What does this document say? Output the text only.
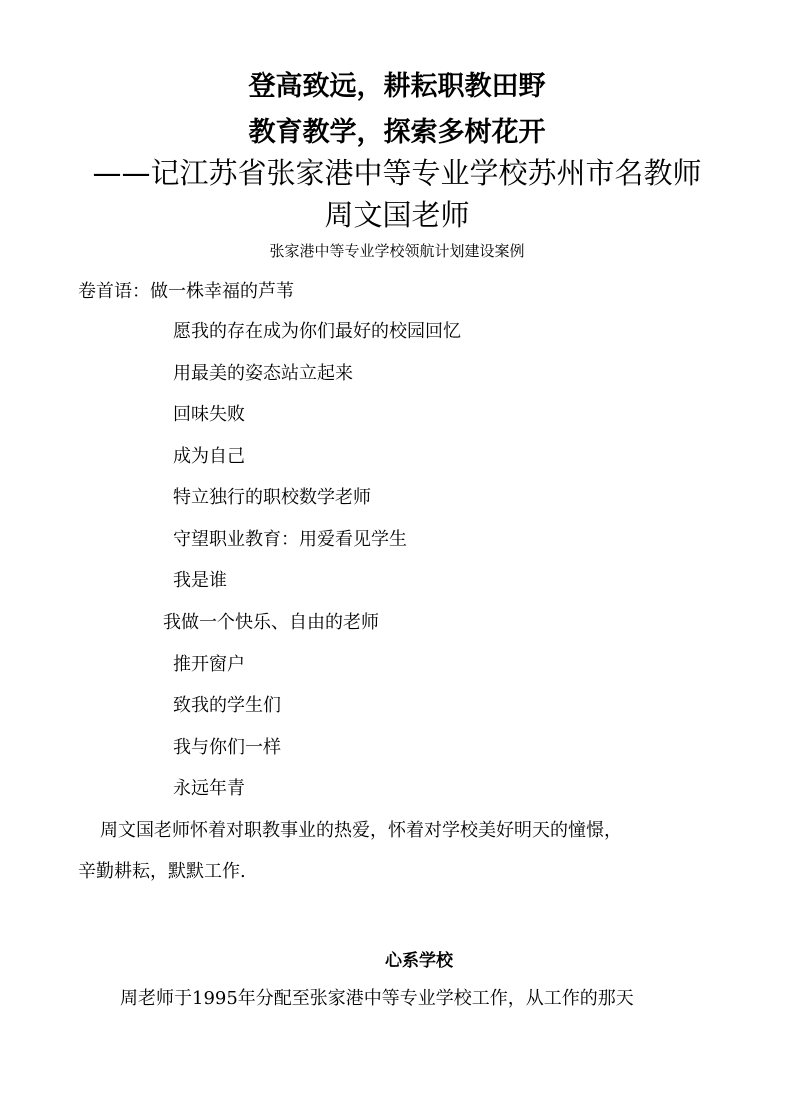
登高致远，耕耘职教田野
教育教学，探索多树花开
——记江苏省张家港中等专业学校苏州市名教师
周文国老师
张家港中等专业学校领航计划建设案例
卷首语：做一株幸福的芦苇
愿我的存在成为你们最好的校园回忆
用最美的姿态站立起来
回味失败
成为自己
特立独行的职校数学老师
守望职业教育：用爱看见学生
我是谁
我做一个快乐、自由的老师
推开窗户
致我的学生们
我与你们一样
永远年青
周文国老师怀着对职教事业的热爱，怀着对学校美好明天的憧憬，
辛勤耕耘，默默工作.
心系学校
周老师于1995年分配至张家港中等专业学校工作，从工作的那天
